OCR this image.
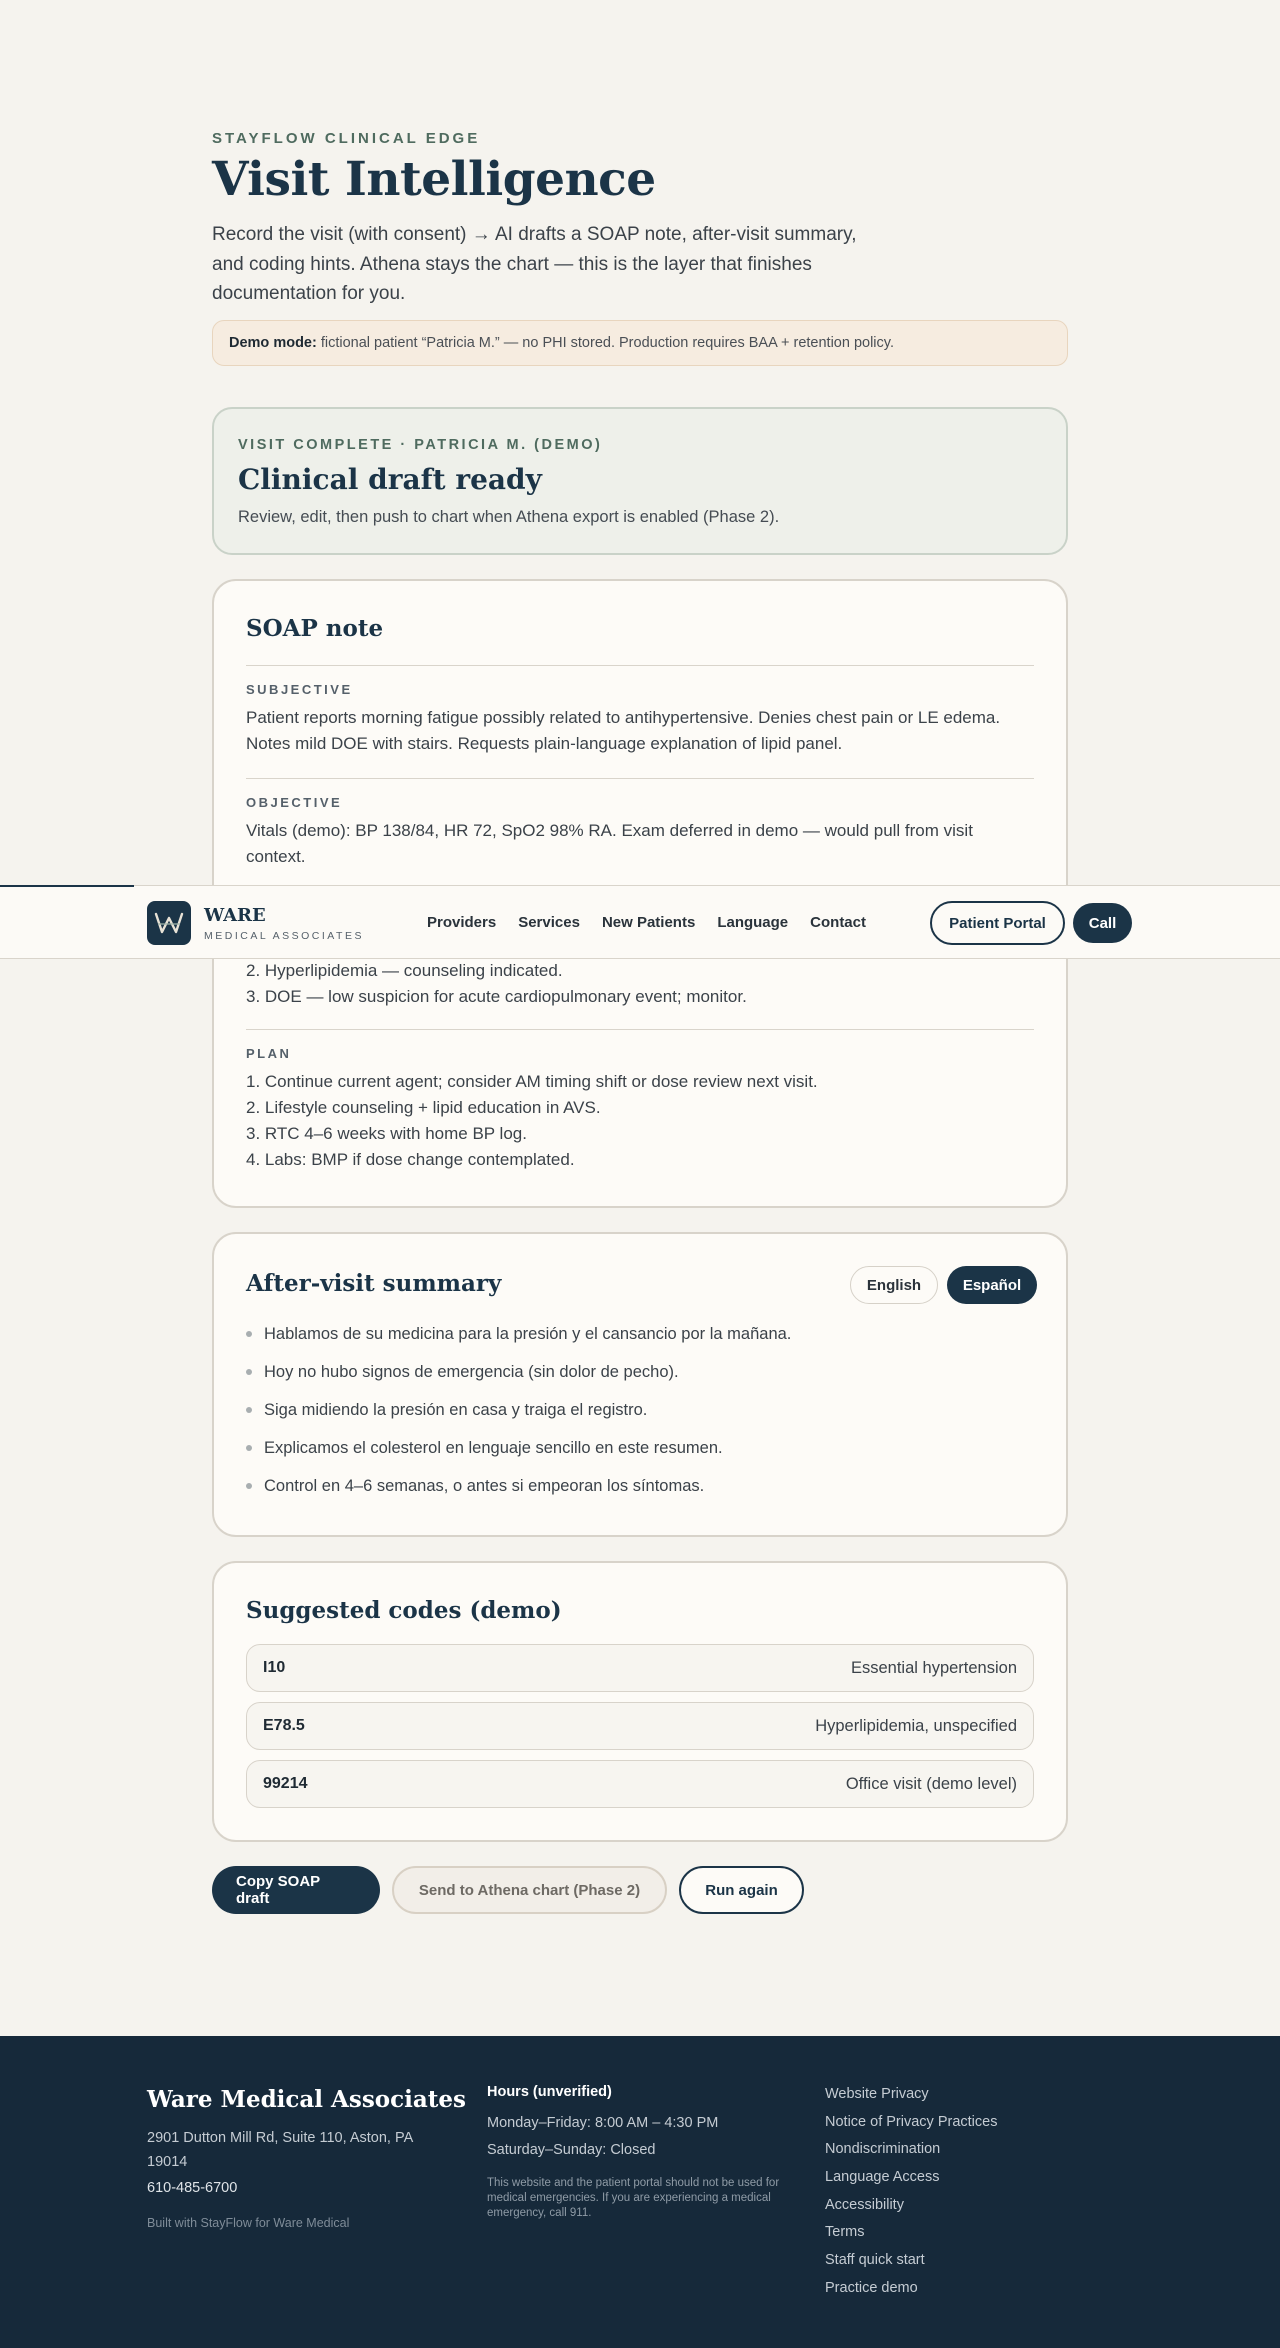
STAYFLOW CLINICAL EDGE
Visit Intelligence

Record the visit (with consent) → AI drafts a SOAP note, after-visit summary, and coding hints. Athena stays the chart — this is the layer that finishes documentation for you.

Demo mode: fictional patient “Patricia M.” — no PHI stored. Production requires BAA + retention policy.
VISIT COMPLETE · PATRICIA M. (DEMO)
Clinical draft ready

Review, edit, then push to chart when Athena export is enabled (Phase 2).

SOAP note
SUBJECTIVE

Patient reports morning fatigue possibly related to antihypertensive. Denies chest pain or LE edema. Notes mild DOE with stairs. Requests plain-language explanation of lipid panel.

OBJECTIVE

Vitals (demo): BP 138/84, HR 72, SpO2 98% RA. Exam deferred in demo — would pull from visit context.

2. Hyperlipidemia — counseling indicated.

3. DOE — low suspicion for acute cardiopulmonary event; monitor.

PLAN

1. Continue current agent; consider AM timing shift or dose review next visit.

2. Lifestyle counseling + lipid education in AVS.

3. RTC 4–6 weeks with home BP log.

4. Labs: BMP if dose change contemplated.

After-visit summary	English	Español
Hablamos de su medicina para la presión y el cansancio por la mañana.
Hoy no hubo signos de emergencia (sin dolor de pecho).
Siga midiendo la presión en casa y traiga el registro.
Explicamos el colesterol en lenguaje sencillo en este resumen.
Control en 4–6 semanas, o antes si empeoran los síntomas.
Suggested codes (demo)
I10	Essential hypertension
E78.5	Hyperlipidemia, unspecified
99214	Office visit (demo level)
Copy SOAP draft	Send to Athena chart (Phase 2)	Run again
WARE
MEDICAL ASSOCIATES
Providers Services New Patients Language Contact	Patient Portal	Call
Ware Medical Associates
2901 Dutton Mill Rd, Suite 110, Aston, PA 19014
610-485-6700
Built with StayFlow for Ware Medical
Hours (unverified)
Monday–Friday: 8:00 AM – 4:30 PM
Saturday–Sunday: Closed
This website and the patient portal should not be used for medical emergencies. If you are experiencing a medical emergency, call 911.
Website Privacy
Notice of Privacy Practices
Nondiscrimination
Language Access
Accessibility
Terms
Staff quick start
Practice demo
